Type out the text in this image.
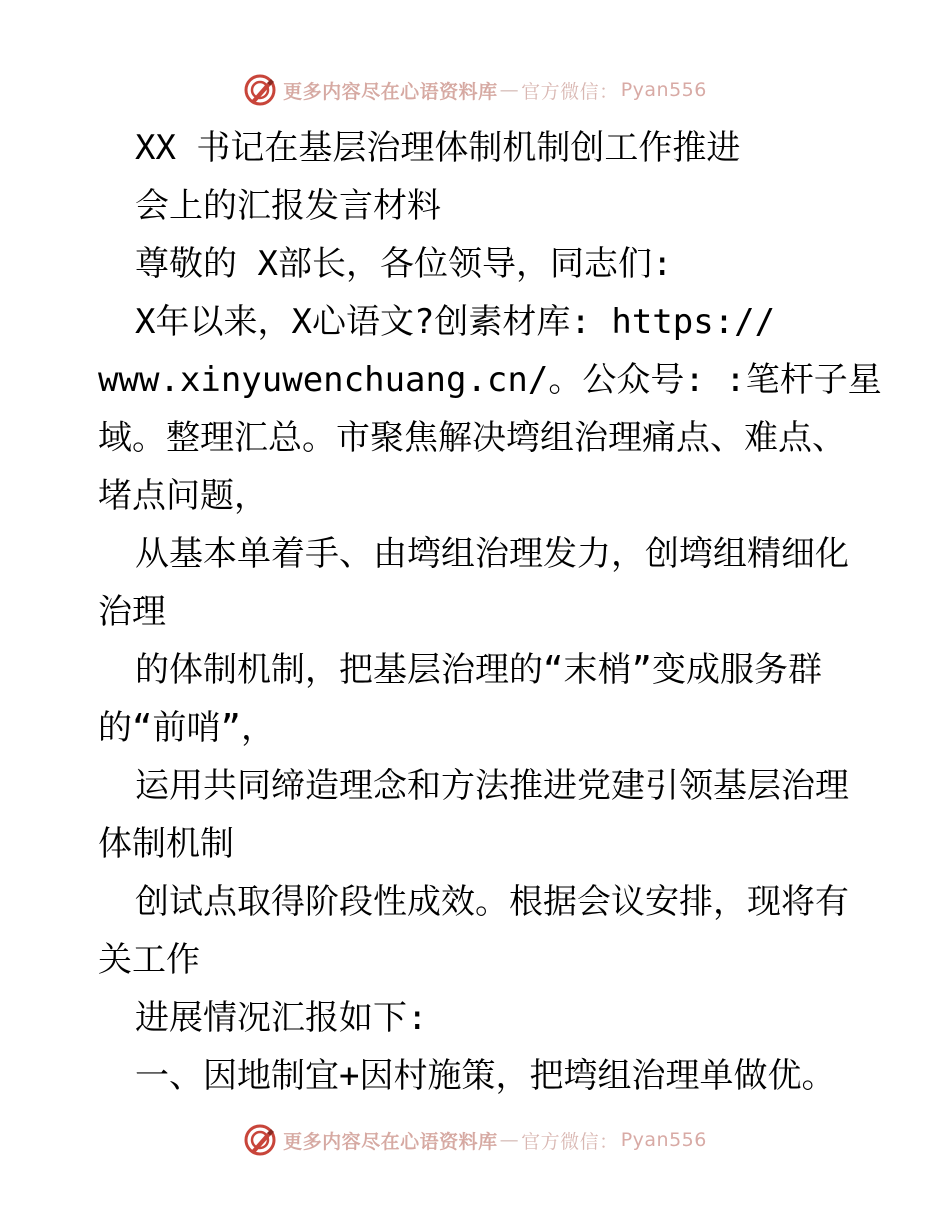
更多内容尽在心语资料库 — 官方微信： Pyan556
XX 书记在基层治理体制机制创工作推进
会上的汇报发言材料
尊敬的 X部长，各位领导，同志们:
X年以来，X心语文?创素材库: https://
www.xinyuwenchuang.cn/。公众号: :笔杆子星
域。整理汇总。市聚焦解决塆组治理痛点、难点、
堵点问题，
从基本单着手、由塆组治理发力，创塆组精细化
治理
的体制机制，把基层治理的“末梢”变成服务群
的“前哨”，
运用共同缔造理念和方法推进党建引领基层治理
体制机制
创试点取得阶段性成效。根据会议安排，现将有
关工作
进展情况汇报如下:
一、因地制宜+因村施策，把塆组治理单做优。
更多内容尽在心语资料库 — 官方微信： Pyan556
